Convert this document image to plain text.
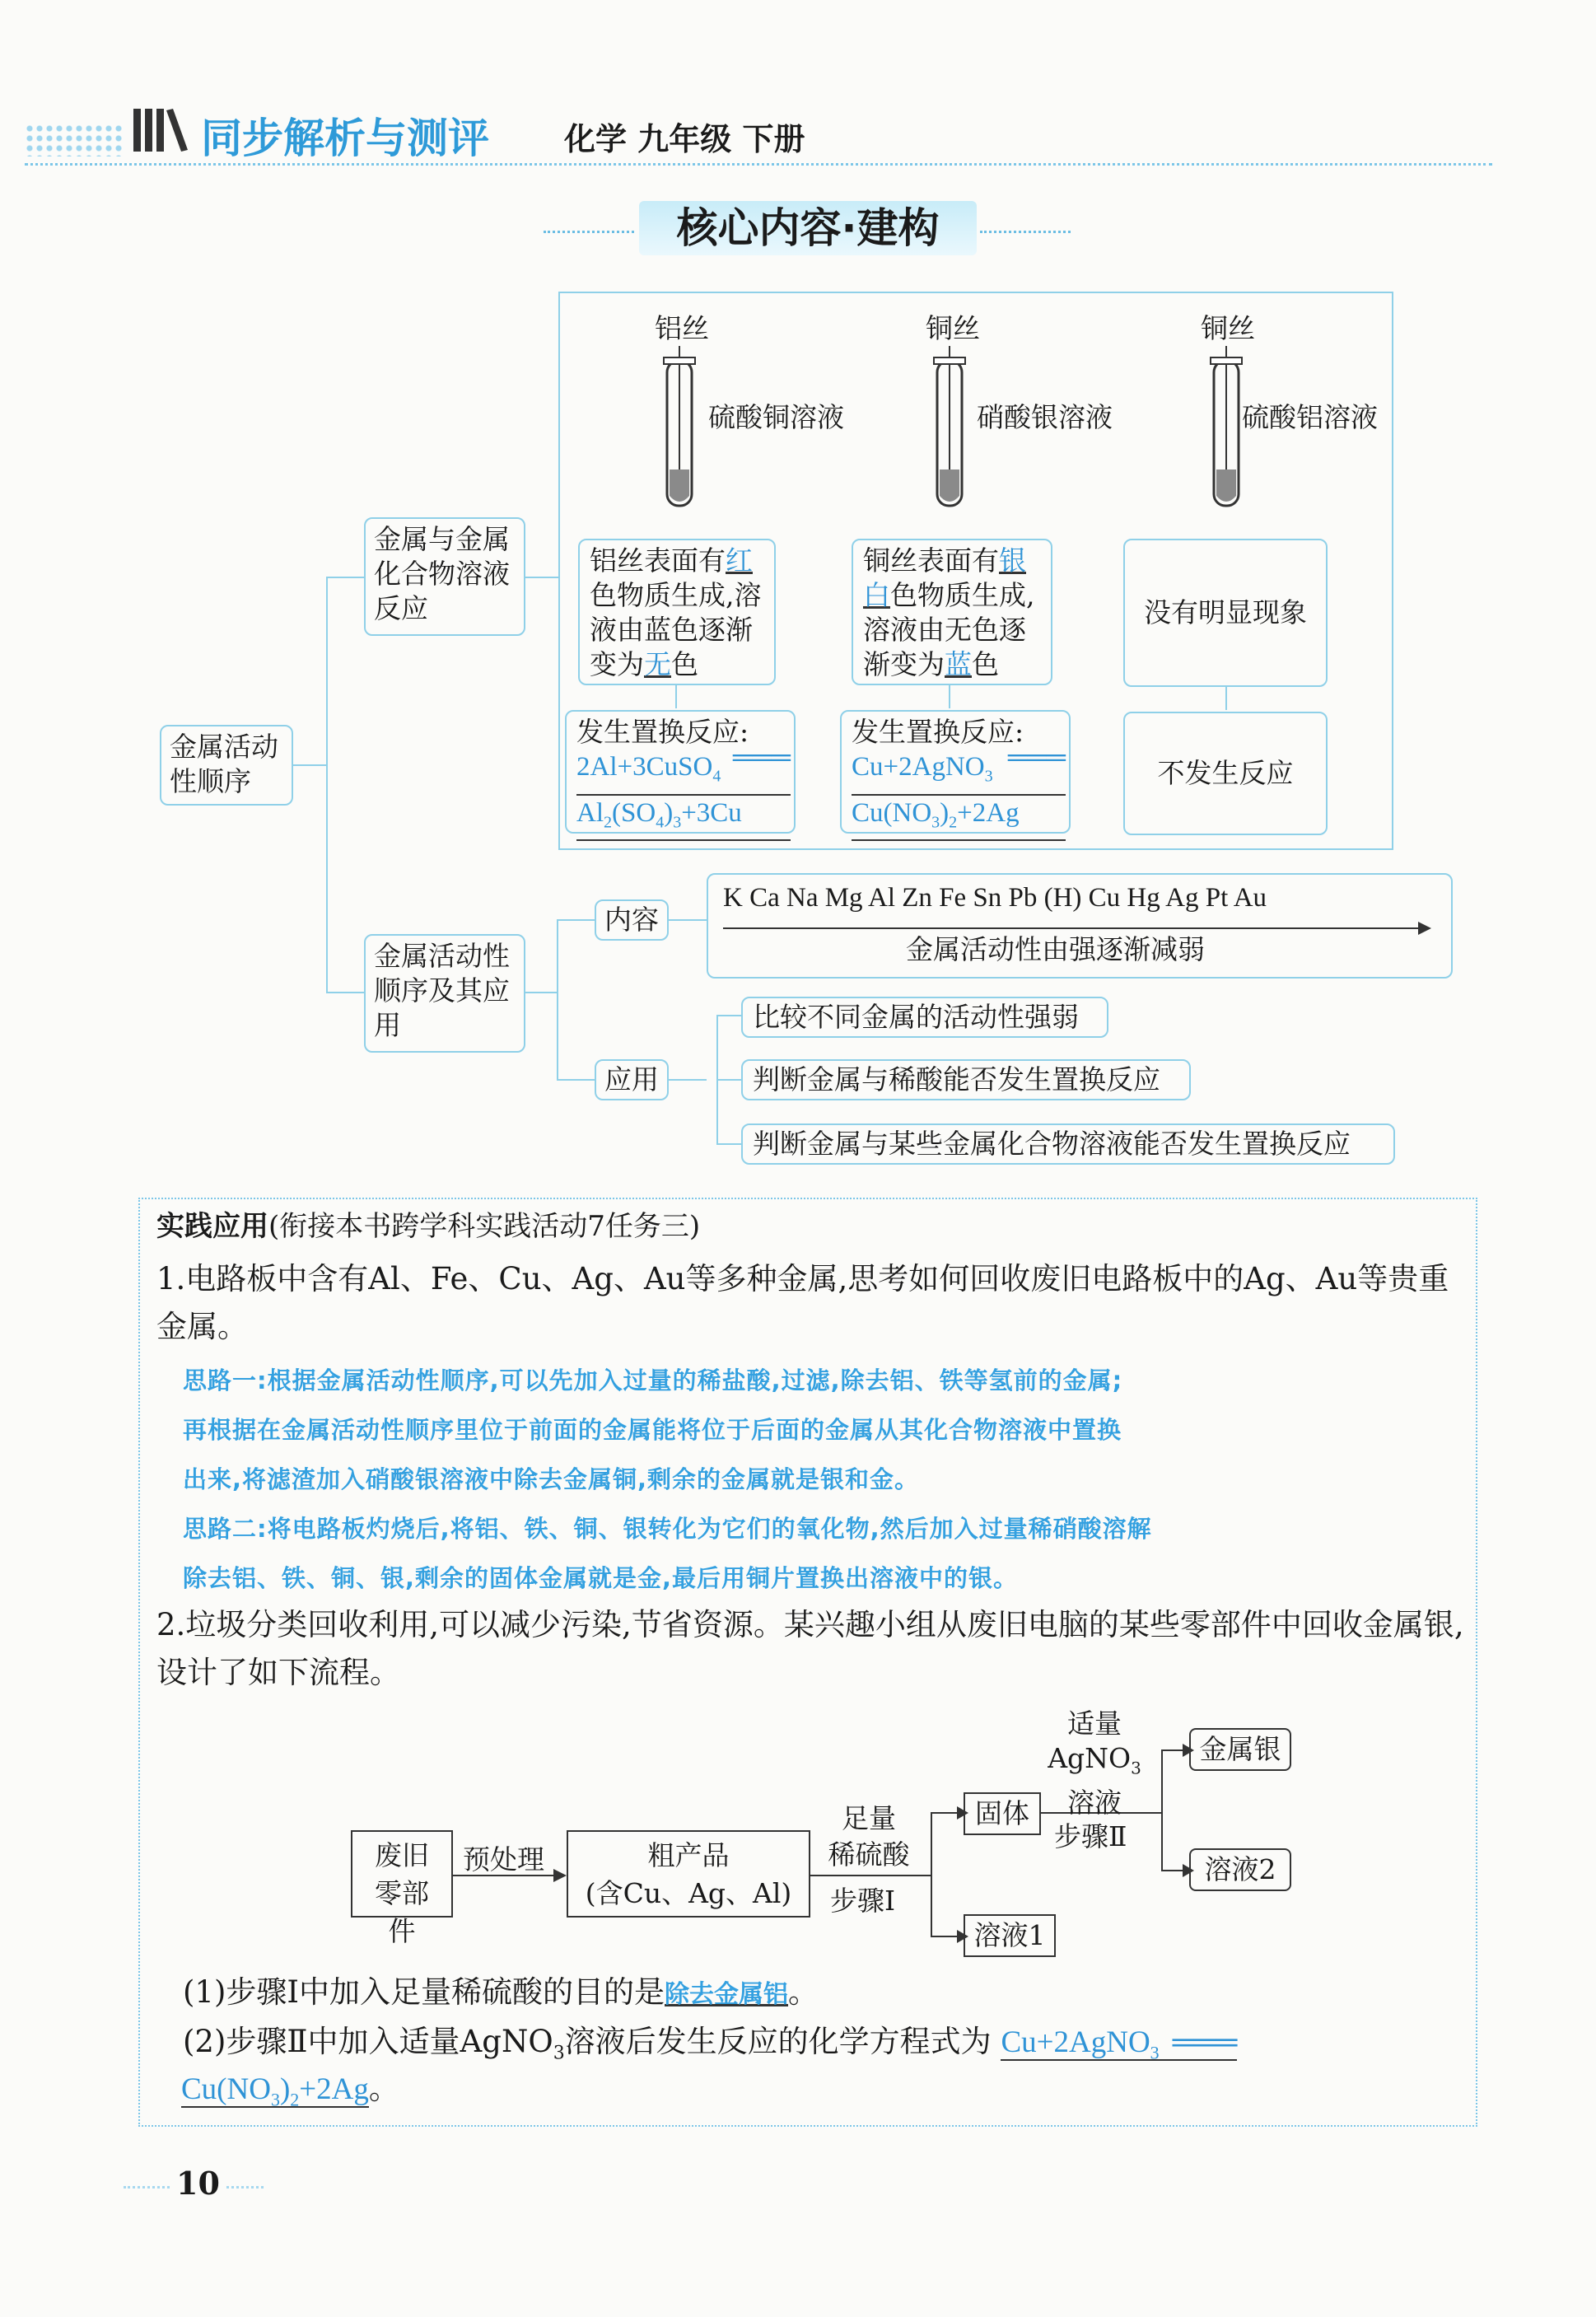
同步解析与测评 化学 九年级 下册
核心内容·建构
金属活动性顺序
金属与金属化合物溶液反应
金属活动性顺序及其应用
铝丝
硫酸铜溶液
铝丝表面有红色物质生成,溶液由蓝色逐渐变为无色
发生置换反应:
2Al+3CuSO$_4$
═══
$Al_2(SO_4)_3+3Cu$
铜丝
硝酸银溶液
铜丝表面有银白色物质生成,溶液由无色逐渐变为蓝色
发生置换反应:
Cu+2AgNO$_3$
═══
$Cu(NO_3)_2+2Ag$
铜丝
硫酸铝溶液
没有明显现象
不发生反应
内容
K Ca Na Mg Al Zn Fe Sn Pb (H) Cu Hg Ag Pt Au
金属活动性由强逐渐减弱
应用
比较不同金属的活动性强弱
判断金属与稀酸能否发生置换反应
判断金属与某些金属化合物溶液能否发生置换反应
实践应用(衔接本书跨学科实践活动7任务三)
1.电路板中含有Al、Fe、Cu、Ag、Au等多种金属,思考如何回收废旧电路板中的Ag、Au等贵重金属。
思路一:根据金属活动性顺序,可以先加入过量的稀盐酸,过滤,除去铝、铁等氢前的金属;
再根据在金属活动性顺序里位于前面的金属能将位于后面的金属从其化合物溶液中置换
出来,将滤渣加入硝酸银溶液中除去金属铜,剩余的金属就是银和金。
思路二:将电路板灼烧后,将铝、铁、铜、银转化为它们的氧化物,然后加入过量稀硝酸溶解
除去铝、铁、铜、银,剩余的固体金属就是金,最后用铜片置换出溶液中的银。
2.垃圾分类回收利用,可以减少污染,节省资源。某兴趣小组从废旧电脑的某些零部件中回收金属银,设计了如下流程。
废旧零部件
预处理	粗产品
(含Cu、Ag、Al)
足量
稀硫酸
步骤Ⅰ
固体
溶液1
适量
AgNO$_3$
溶液
步骤Ⅱ
金属银
溶液2
(1)步骤Ⅰ中加入足量稀硫酸的目的是除去金属铝。
(2)步骤Ⅱ中加入适量AgNO$_3$溶液后发生反应的化学方程式为 Cu+2AgNO$_3$ ═══
$Cu(NO_3)_2+2Ag$。
10
